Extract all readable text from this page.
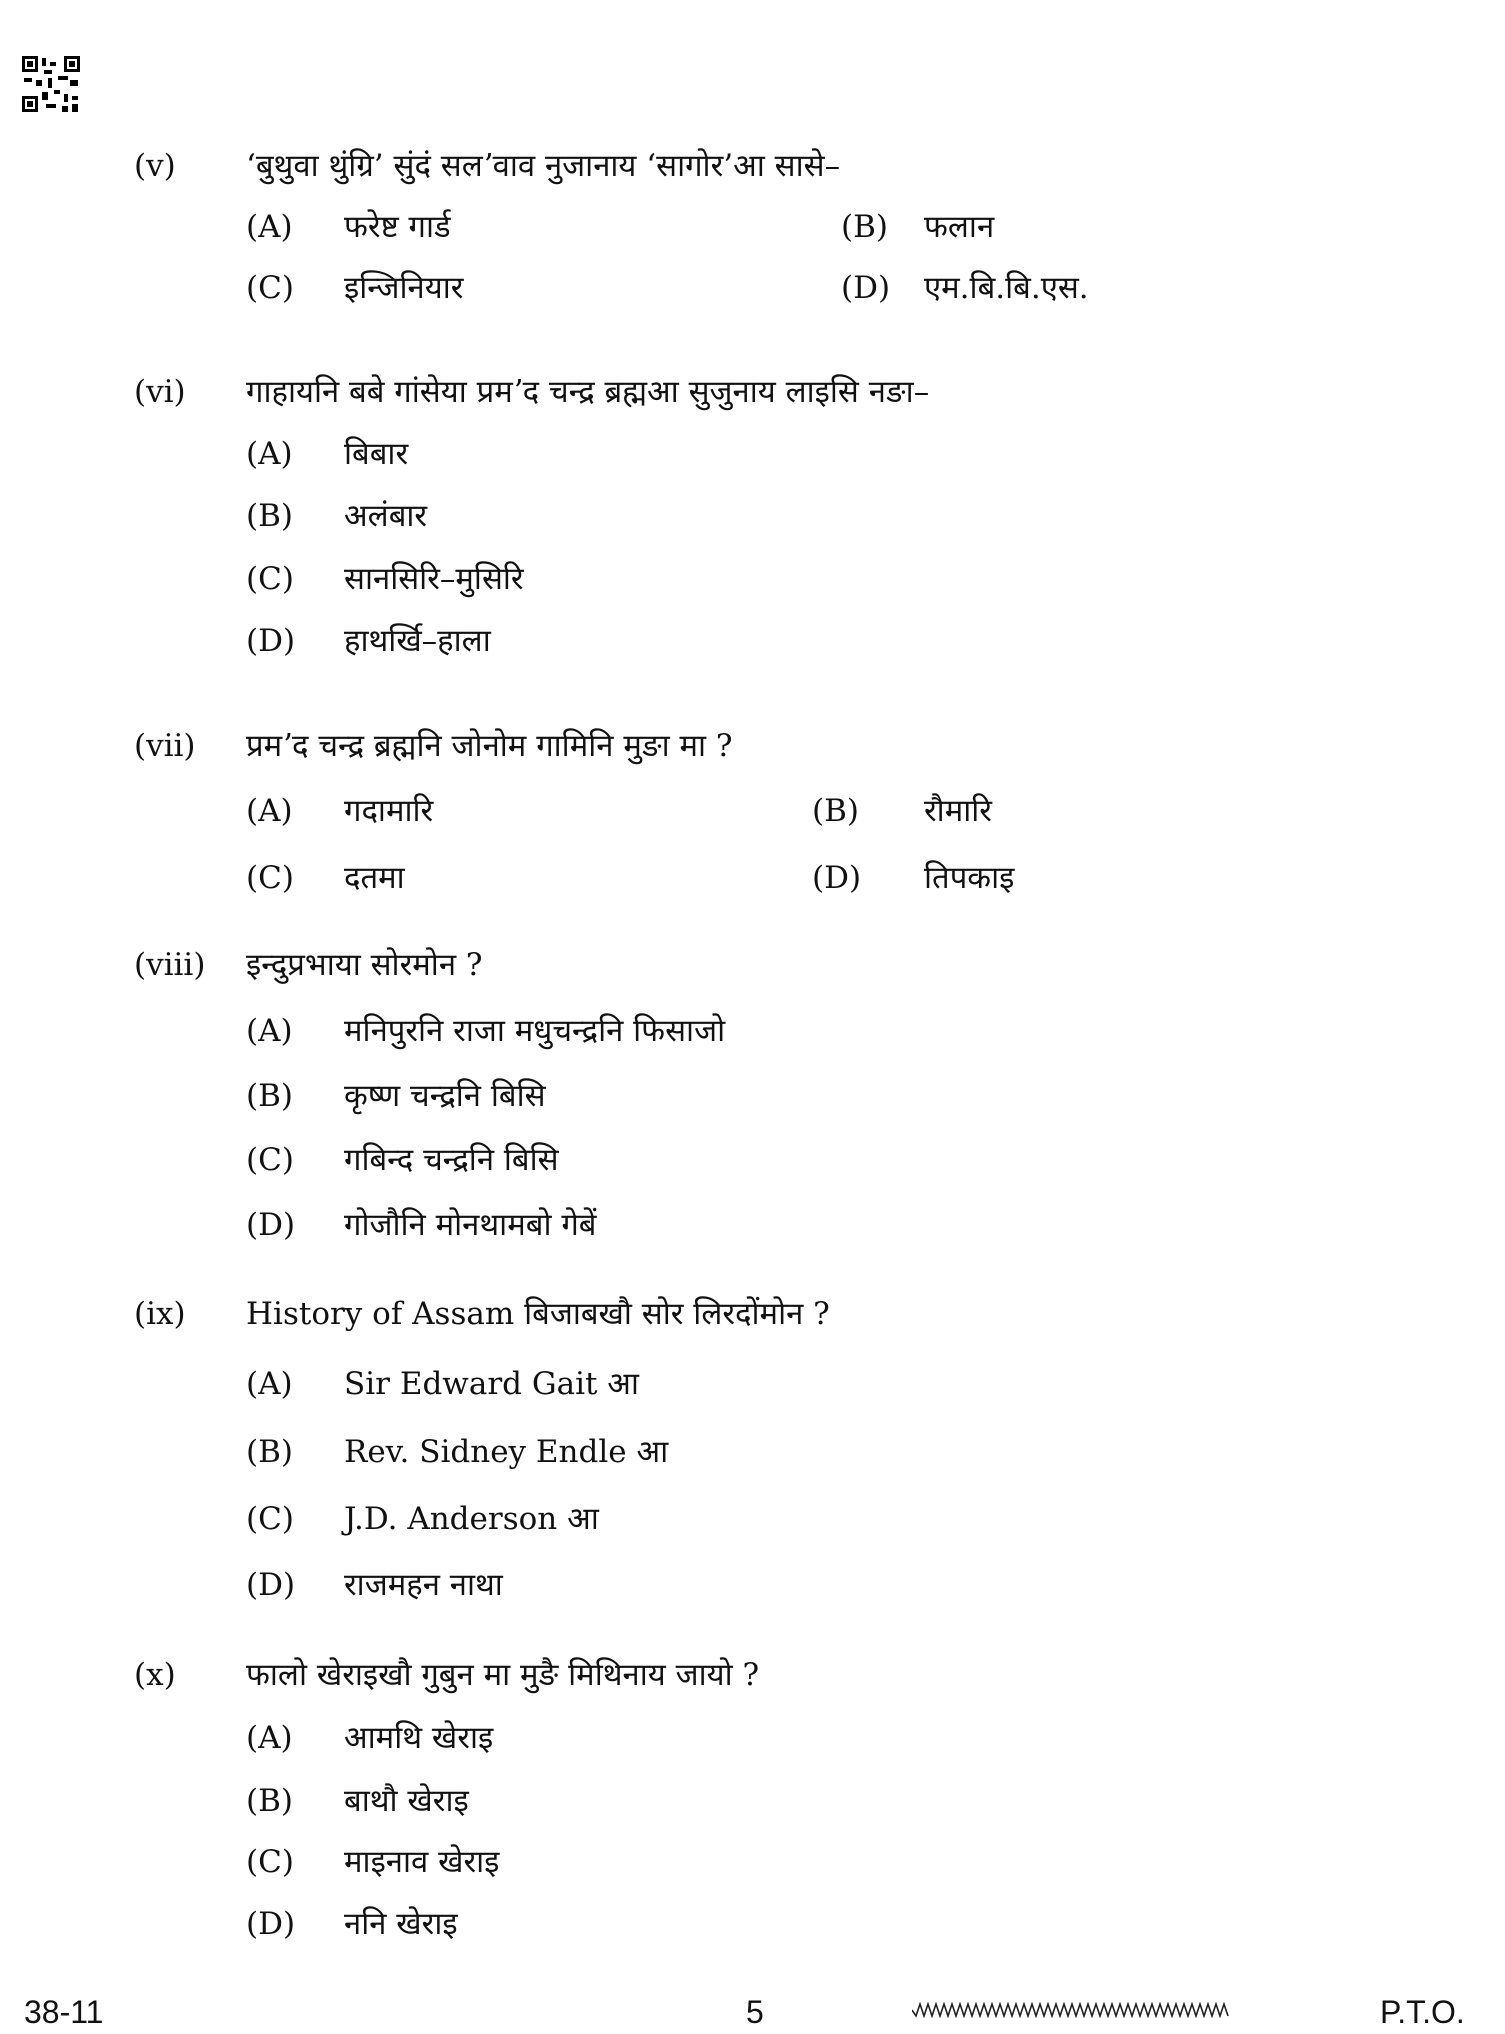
(v) ‘बुथुवा थुंग्रि’ सुंदं सलʼवाव नुजानाय ‘सागोर’आ सासे–
(A) फरेष्ट गार्ड	(B) फलान
(C) इन्जिनियार	(D) एम.बि.बि.एस.
(vi) गाहायनि बबे गांसेया प्रमʼद चन्द्र ब्रह्मआ सुजुनाय लाइसि नङा–
(A) बिबार
(B) अलंबार
(C) सानसिरि–मुसिरि
(D) हाथर्खि–हाला
(vii) प्रमʼद चन्द्र ब्रह्मनि जोनोम गामिनि मुङा मा ?
(A) गदामारि	(B) रौमारि
(C) दतमा	(D) तिपकाइ
(viii) इन्दुप्रभाया सोरमोन ?
(A) मनिपुरनि राजा मधुचन्द्रनि फिसाजो
(B) कृष्ण चन्द्रनि बिसि
(C) गबिन्द चन्द्रनि बिसि
(D) गोजौनि मोनथामबो गेबें
(ix) History of Assam बिजाबखौ सोर लिरदोंमोन ?
(A) Sir Edward Gait आ
(B) Rev. Sidney Endle आ
(C) J.D. Anderson आ
(D) राजमहन नाथा
(x) फालो खेराइखौ गुबुन मा मुङै मिथिनाय जायो ?
(A) आमथि खेराइ
(B) बाथौ खेराइ
(C) माइनाव खेराइ
(D) ननि खेराइ
38-11	5	P.T.O.
